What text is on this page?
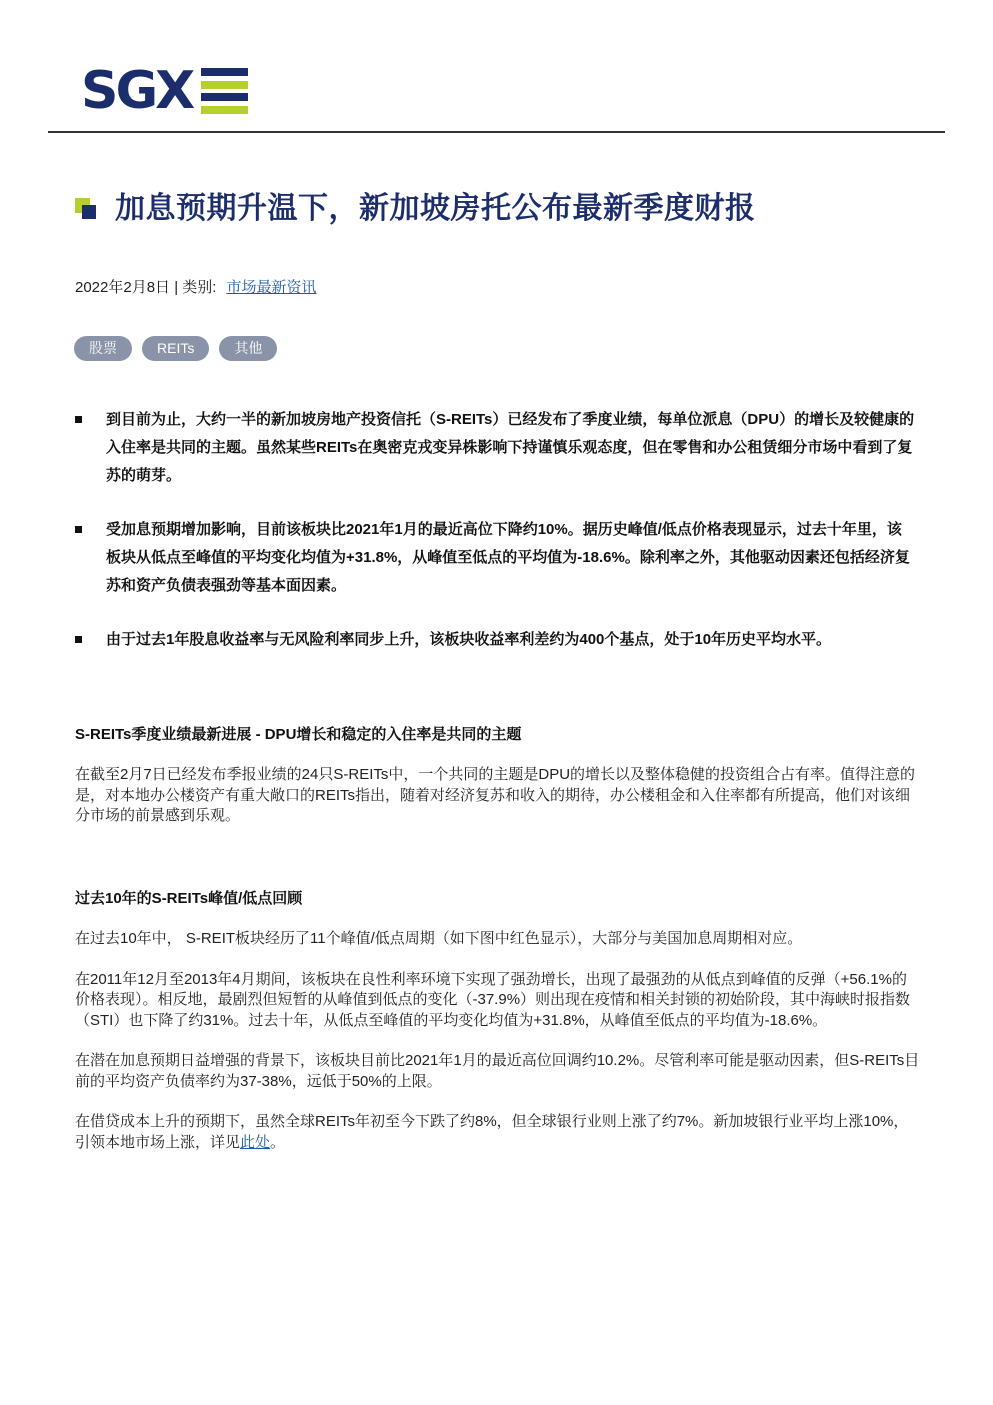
SGX
加息预期升温下，新加坡房托公布最新季度财报
2022年2月8日 | 类别: 市场最新资讯
股票	REITs	其他
到目前为止，大约一半的新加坡房地产投资信托（S-REITs）已经发布了季度业绩，每单位派息（DPU）的增长及较健康的入住率是共同的主题。虽然某些REITs在奥密克戎变异株影响下持谨慎乐观态度，但在零售和办公租赁细分市场中看到了复苏的萌芽。
受加息预期增加影响，目前该板块比2021年1月的最近高位下降约10%。据历史峰值/低点价格表现显示，过去十年里，该板块从低点至峰值的平均变化均值为+31.8%，从峰值至低点的平均值为-18.6%。除利率之外，其他驱动因素还包括经济复苏和资产负债表强劲等基本面因素。
由于过去1年股息收益率与无风险利率同步上升，该板块收益率利差约为400个基点，处于10年历史平均水平。
S-REITs季度业绩最新进展 - DPU增长和稳定的入住率是共同的主题

在截至2月7日已经发布季报业绩的24只S-REITs中，一个共同的主题是DPU的增长以及整体稳健的投资组合占有率。值得注意的是，对本地办公楼资产有重大敞口的REITs指出，随着对经济复苏和收入的期待，办公楼租金和入住率都有所提高，他们对该细分市场的前景感到乐观。

过去10年的S-REITs峰值/低点回顾

在过去10年中， S-REIT板块经历了11个峰值/低点周期（如下图中红色显示），大部分与美国加息周期相对应。

在2011年12月至2013年4月期间，该板块在良性利率环境下实现了强劲增长，出现了最强劲的从低点到峰值的反弹（+56.1%的价格表现）。相反地，最剧烈但短暂的从峰值到低点的变化（-37.9%）则出现在疫情和相关封锁的初始阶段，其中海峡时报指数（STI）也下降了约31%。过去十年，从低点至峰值的平均变化均值为+31.8%，从峰值至低点的平均值为-18.6%。

在潜在加息预期日益增强的背景下，该板块目前比2021年1月的最近高位回调约10.2%。尽管利率可能是驱动因素，但S-REITs目前的平均资产负债率约为37-38%，远低于50%的上限。

在借贷成本上升的预期下，虽然全球REITs年初至今下跌了约8%，但全球银行业则上涨了约7%。新加坡银行业平均上涨10%，引领本地市场上涨，详见此处。
